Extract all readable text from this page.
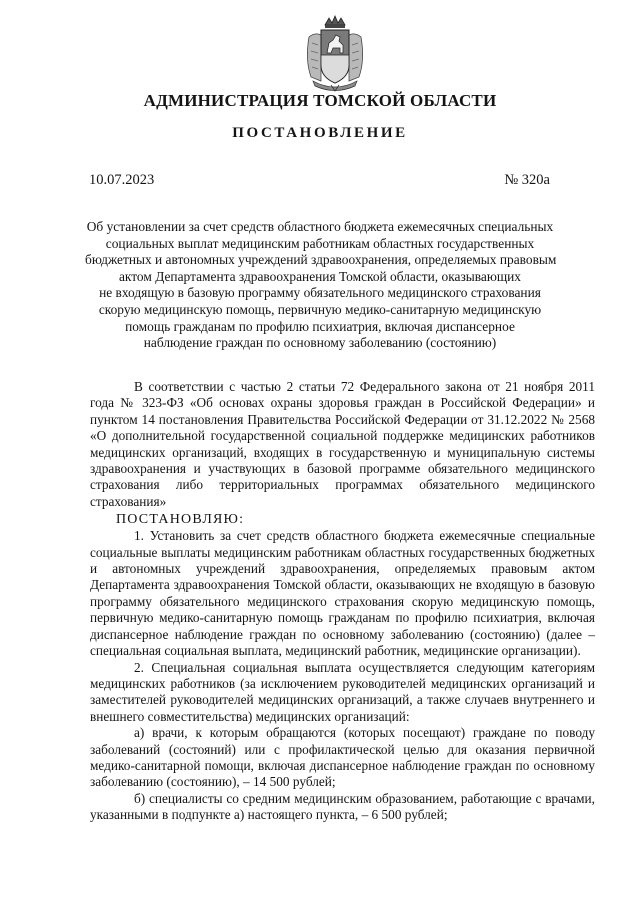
АДМИНИСТРАЦИЯ ТОМСКОЙ ОБЛАСТИ
ПОСТАНОВЛЕНИЕ
10.07.2023	№ 320а
Об установлении за счет средств областного бюджета ежемесячных специальных
социальных выплат медицинским работникам областных государственных
бюджетных и автономных учреждений здравоохранения, определяемых правовым
актом Департамента здравоохранения Томской области, оказывающих
не входящую в базовую программу обязательного медицинского страхования
скорую медицинскую помощь, первичную медико-санитарную медицинскую
помощь гражданам по профилю психиатрия, включая диспансерное
наблюдение граждан по основному заболеванию (состоянию)
В соответствии с частью 2 статьи 72 Федерального закона от 21 ноября 2011 года № 323-ФЗ «Об основах охраны здоровья граждан в Российской Федерации» и пунктом 14 постановления Правительства Российской Федерации от 31.12.2022 № 2568 «О дополнительной государственной социальной поддержке медицинских работников медицинских организаций, входящих в государственную и муниципальную системы здравоохранения и участвующих в базовой программе обязательного медицинского страхования либо территориальных программах обязательного медицинского страхования»
ПОСТАНОВЛЯЮ:
1. Установить за счет средств областного бюджета ежемесячные специальные социальные выплаты медицинским работникам областных государственных бюджетных и автономных учреждений здравоохранения, определяемых правовым актом Департамента здравоохранения Томской области, оказывающих не входящую в базовую программу обязательного медицинского страхования скорую медицинскую помощь, первичную медико-санитарную помощь гражданам по профилю психиатрия, включая диспансерное наблюдение граждан по основному заболеванию (состоянию) (далее – специальная социальная выплата, медицинский работник, медицинские организации).
2. Специальная социальная выплата осуществляется следующим категориям медицинских работников (за исключением руководителей медицинских организаций и заместителей руководителей медицинских организаций, а также случаев внутреннего и внешнего совместительства) медицинских организаций:
а) врачи, к которым обращаются (которых посещают) граждане по поводу заболеваний (состояний) или с профилактической целью для оказания первичной медико-санитарной помощи, включая диспансерное наблюдение граждан по основному заболеванию (состоянию), – 14 500 рублей;
б) специалисты со средним медицинским образованием, работающие с врачами, указанными в подпункте а) настоящего пункта, – 6 500 рублей;
